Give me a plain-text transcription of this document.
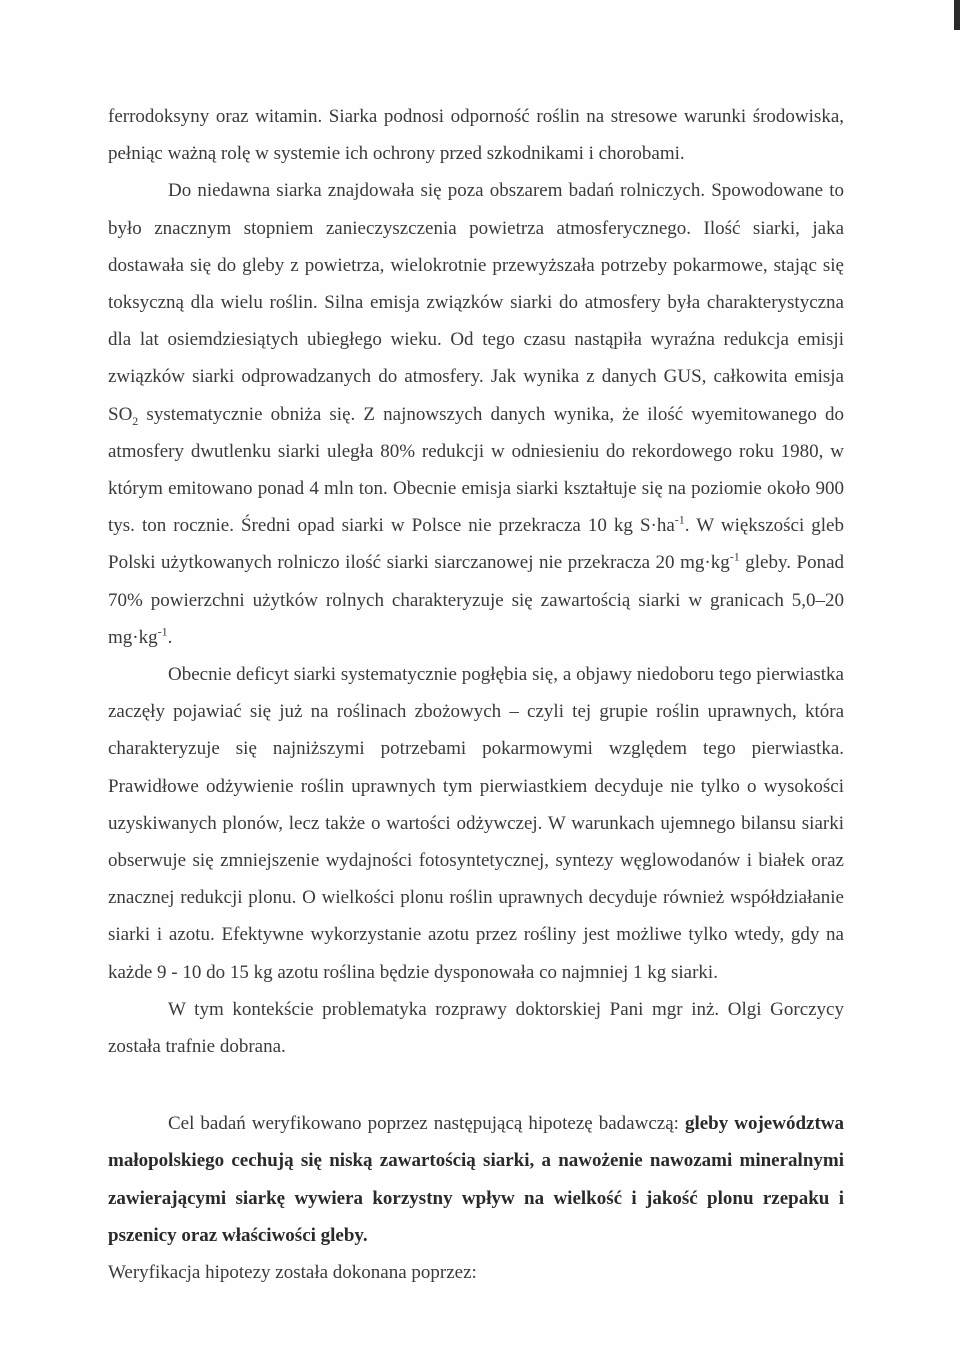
ferrodoksyny oraz witamin. Siarka podnosi odporność roślin na stresowe warunki środowiska, pełniąc ważną rolę w systemie ich ochrony przed szkodnikami i chorobami.

Do niedawna siarka znajdowała się poza obszarem badań rolniczych. Spowodowane to było znacznym stopniem zanieczyszczenia powietrza atmosferycznego. Ilość siarki, jaka dostawała się do gleby z powietrza, wielokrotnie przewyższała potrzeby pokarmowe, stając się toksyczną dla wielu roślin. Silna emisja związków siarki do atmosfery była charakterystyczna dla lat osiemdziesiątych ubiegłego wieku. Od tego czasu nastąpiła wyraźna redukcja emisji związków siarki odprowadzanych do atmosfery. Jak wynika z danych GUS, całkowita emisja $SO_2$ systematycznie obniża się. Z najnowszych danych wynika, że ilość wyemitowanego do atmosfery dwutlenku siarki uległa 80% redukcji w odniesieniu do rekordowego roku 1980, w którym emitowano ponad 4 mln ton. Obecnie emisja siarki kształtuje się na poziomie około 900 tys. ton rocznie. Średni opad siarki w Polsce nie przekracza 10 kg $S\cdot ha^{-1}$. W większości gleb Polski użytkowanych rolniczo ilość siarki siarczanowej nie przekracza 20 $mg\cdot kg^{-1}$ gleby. Ponad 70% powierzchni użytków rolnych charakteryzuje się zawartością siarki w granicach 5,0–20 $mg\cdot kg^{-1}$.

Obecnie deficyt siarki systematycznie pogłębia się, a objawy niedoboru tego pierwiastka zaczęły pojawiać się już na roślinach zbożowych – czyli tej grupie roślin uprawnych, która charakteryzuje się najniższymi potrzebami pokarmowymi względem tego pierwiastka. Prawidłowe odżywienie roślin uprawnych tym pierwiastkiem decyduje nie tylko o wysokości uzyskiwanych plonów, lecz także o wartości odżywczej. W warunkach ujemnego bilansu siarki obserwuje się zmniejszenie wydajności fotosyntetycznej, syntezy węglowodanów i białek oraz znacznej redukcji plonu. O wielkości plonu roślin uprawnych decyduje również współdziałanie siarki i azotu. Efektywne wykorzystanie azotu przez rośliny jest możliwe tylko wtedy, gdy na każde 9 - 10 do 15 kg azotu roślina będzie dysponowała co najmniej 1 kg siarki.

W tym kontekście problematyka rozprawy doktorskiej Pani mgr inż. Olgi Gorczycy została trafnie dobrana.

Cel badań weryfikowano poprzez następującą hipotezę badawczą: gleby województwa małopolskiego cechują się niską zawartością siarki, a nawożenie nawozami mineralnymi zawierającymi siarkę wywiera korzystny wpływ na wielkość i jakość plonu rzepaku i pszenicy oraz właściwości gleby.

Weryfikacja hipotezy została dokonana poprzez:
